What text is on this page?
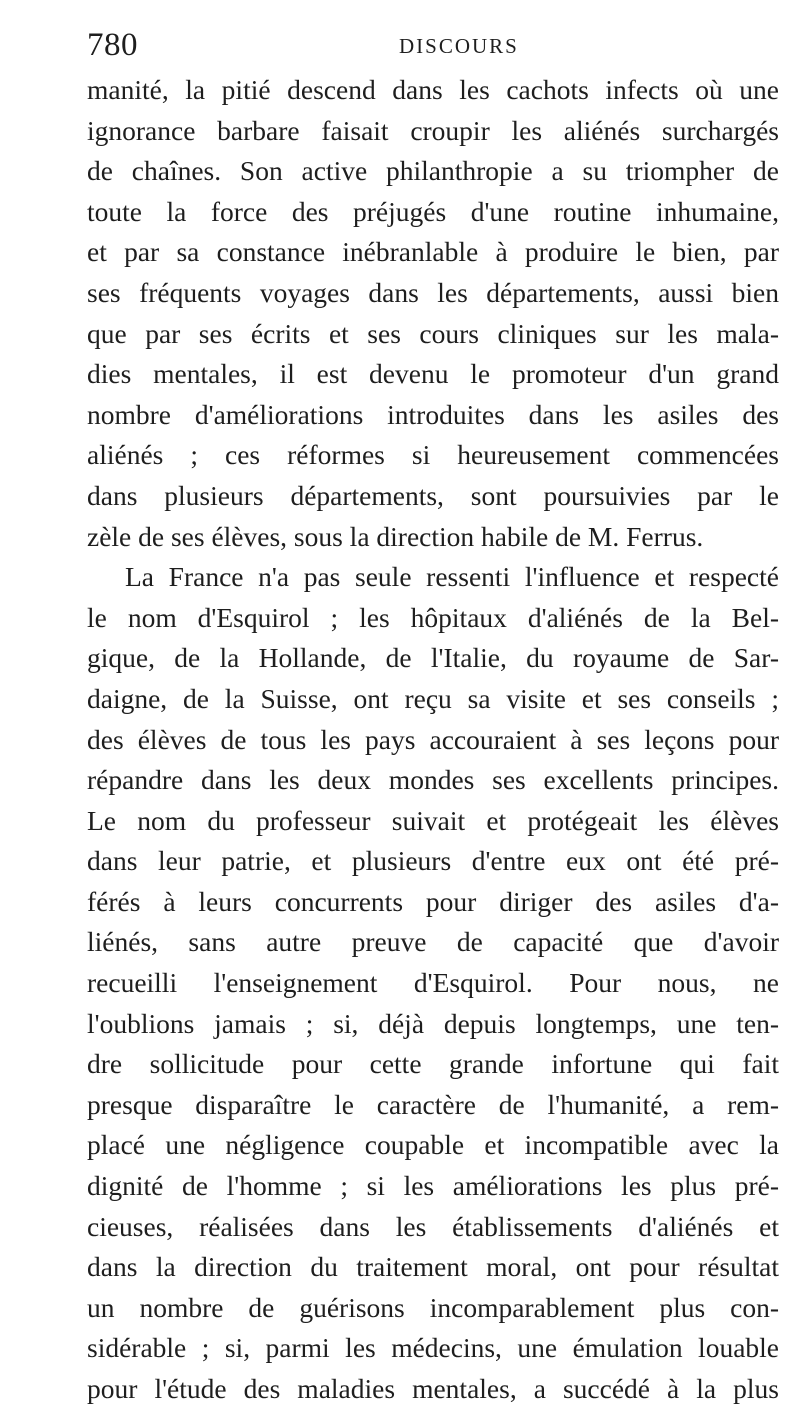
780	DISCOURS
manité, la pitié descend dans les cachots infects où une
ignorance barbare faisait croupir les aliénés surchargés
de chaînes. Son active philanthropie a su triompher de
toute la force des préjugés d'une routine inhumaine,
et par sa constance inébranlable à produire le bien, par
ses fréquents voyages dans les départements, aussi bien
que par ses écrits et ses cours cliniques sur les mala-
dies mentales, il est devenu le promoteur d'un grand
nombre d'améliorations introduites dans les asiles des
aliénés ; ces réformes si heureusement commencées
dans plusieurs départements, sont poursuivies par le
zèle de ses élèves, sous la direction habile de M. Ferrus.
La France n'a pas seule ressenti l'influence et respecté
le nom d'Esquirol ; les hôpitaux d'aliénés de la Bel-
gique, de la Hollande, de l'Italie, du royaume de Sar-
daigne, de la Suisse, ont reçu sa visite et ses conseils ;
des élèves de tous les pays accouraient à ses leçons pour
répandre dans les deux mondes ses excellents principes.
Le nom du professeur suivait et protégeait les élèves
dans leur patrie, et plusieurs d'entre eux ont été pré-
férés à leurs concurrents pour diriger des asiles d'a-
liénés, sans autre preuve de capacité que d'avoir
recueilli l'enseignement d'Esquirol. Pour nous, ne
l'oublions jamais ; si, déjà depuis longtemps, une ten-
dre sollicitude pour cette grande infortune qui fait
presque disparaître le caractère de l'humanité, a rem-
placé une négligence coupable et incompatible avec la
dignité de l'homme ; si les améliorations les plus pré-
cieuses, réalisées dans les établissements d'aliénés et
dans la direction du traitement moral, ont pour résultat
un nombre de guérisons incomparablement plus con-
sidérable ; si, parmi les médecins, une émulation louable
pour l'étude des maladies mentales, a succédé à la plus
